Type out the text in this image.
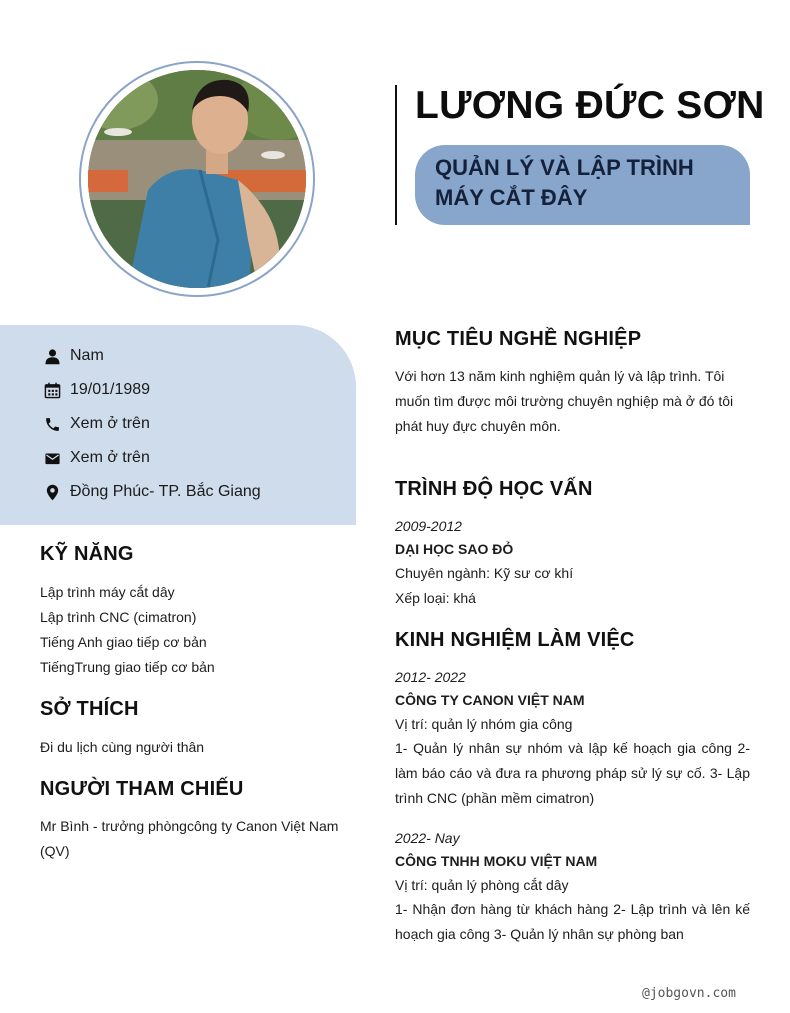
LƯƠNG ĐỨC SƠN
QUẢN LÝ VÀ LẬP TRÌNH
MÁY CẮT ĐÂY
Nam
19/01/1989
Xem ở trên
Xem ở trên
Đồng Phúc- TP. Bắc Giang
KỸ NĂNG
Lập trình máy cắt dây
Lập trình CNC (cimatron)
Tiếng Anh giao tiếp cơ bản
TiếngTrung giao tiếp cơ bản
SỞ THÍCH
Đi du lịch cùng người thân
NGƯỜI THAM CHIẾU
Mr Bình - trưởng phòngcông ty Canon Việt Nam (QV)
MỤC TIÊU NGHỀ NGHIỆP
Với hơn 13 năm kinh nghiệm quản lý và lập trình. Tôi muốn tìm được môi trường chuyên nghiệp mà ở đó tôi phát huy đực chuyên môn.
TRÌNH ĐỘ HỌC VẤN
2009-2012
DẠI HỌC SAO ĐỎ
Chuyên ngành: Kỹ sư cơ khí
Xếp loại: khá
KINH NGHIỆM LÀM VIỆC
2012- 2022
CÔNG TY CANON VIỆT NAM
Vị trí: quản lý nhóm gia công
1- Quản lý nhân sự nhóm và lập kế hoạch gia công 2- làm báo cáo và đưa ra phương pháp sử lý sự cố. 3- Lập trình CNC (phần mềm cimatron)
2022- Nay
CÔNG TNHH MOKU VIỆT NAM
Vị trí: quản lý phòng cắt dây
1- Nhận đơn hàng từ khách hàng 2- Lập trình và lên kế hoạch gia công 3- Quản lý nhân sự phòng ban
@jobgovn.com
